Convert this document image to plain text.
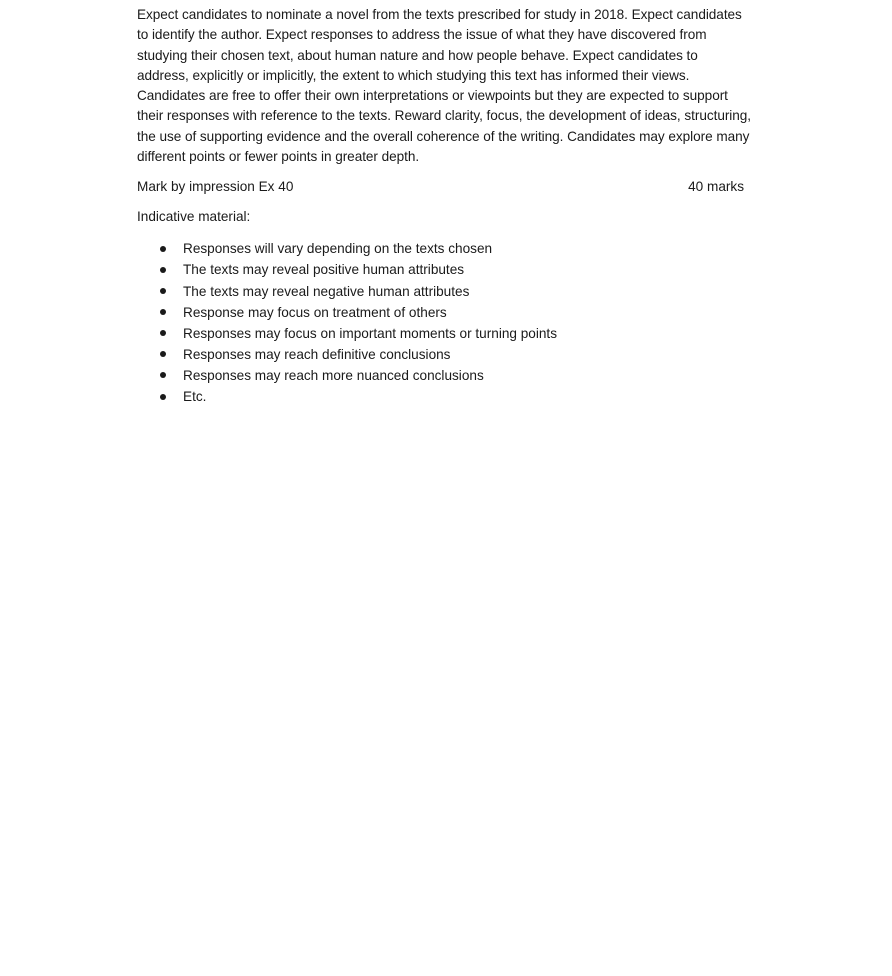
Expect candidates to nominate a novel from the texts prescribed for study in 2018. Expect candidates to identify the author. Expect responses to address the issue of what they have discovered from studying their chosen text, about human nature and how people behave. Expect candidates to address, explicitly or implicitly, the extent to which studying this text has informed their views. Candidates are free to offer their own interpretations or viewpoints but they are expected to support their responses with reference to the texts. Reward clarity, focus, the development of ideas, structuring, the use of supporting evidence and the overall coherence of the writing. Candidates may explore many different points or fewer points in greater depth.

Mark by impression Ex 40	40 marks

Indicative material:

Responses will vary depending on the texts chosen
The texts may reveal positive human attributes
The texts may reveal negative human attributes
Response may focus on treatment of others
Responses may focus on important moments or turning points
Responses may reach definitive conclusions
Responses may reach more nuanced conclusions
Etc.
